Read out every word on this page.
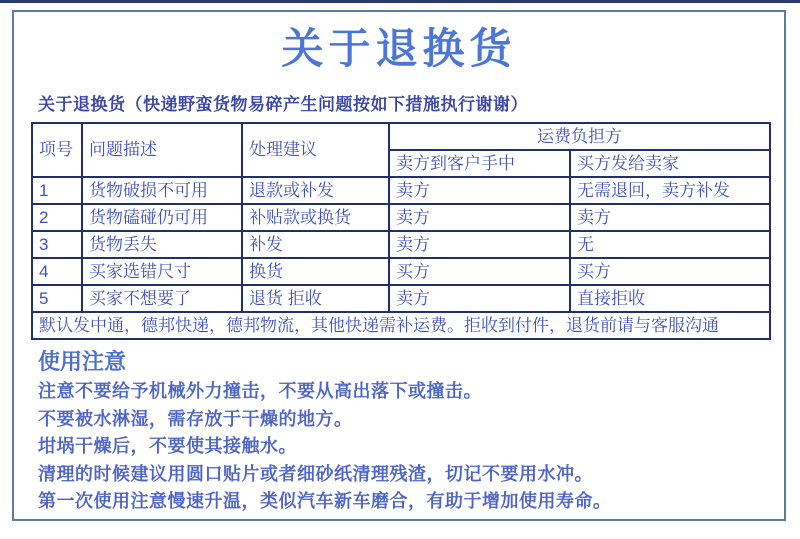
关于退换货
关于退换货（快递野蛮货物易碎产生问题按如下措施执行谢谢）
项号	问题描述	处理建议	运费负担方	
			卖方到客户手中	买方发给卖家
1	货物破损不可用	退款或补发	卖方	无需退回，卖方补发
2	货物磕碰仍可用	补贴款或换货	卖方	卖方
3	货物丢失	补发	卖方	无
4	买家选错尺寸	换货	买方	买方
5	买家不想要了	退货 拒收	卖方	直接拒收
默认发中通，德邦快递，德邦物流，其他快递需补运费。拒收到付件，退货前请与客服沟通				
使用注意

注意不要给予机械外力撞击，不要从高出落下或撞击。

不要被水淋湿，需存放于干燥的地方。

坩埚干燥后，不要使其接触水。

清理的时候建议用圆口贴片或者细砂纸清理残渣，切记不要用水冲。

第一次使用注意慢速升温，类似汽车新车磨合，有助于增加使用寿命。
